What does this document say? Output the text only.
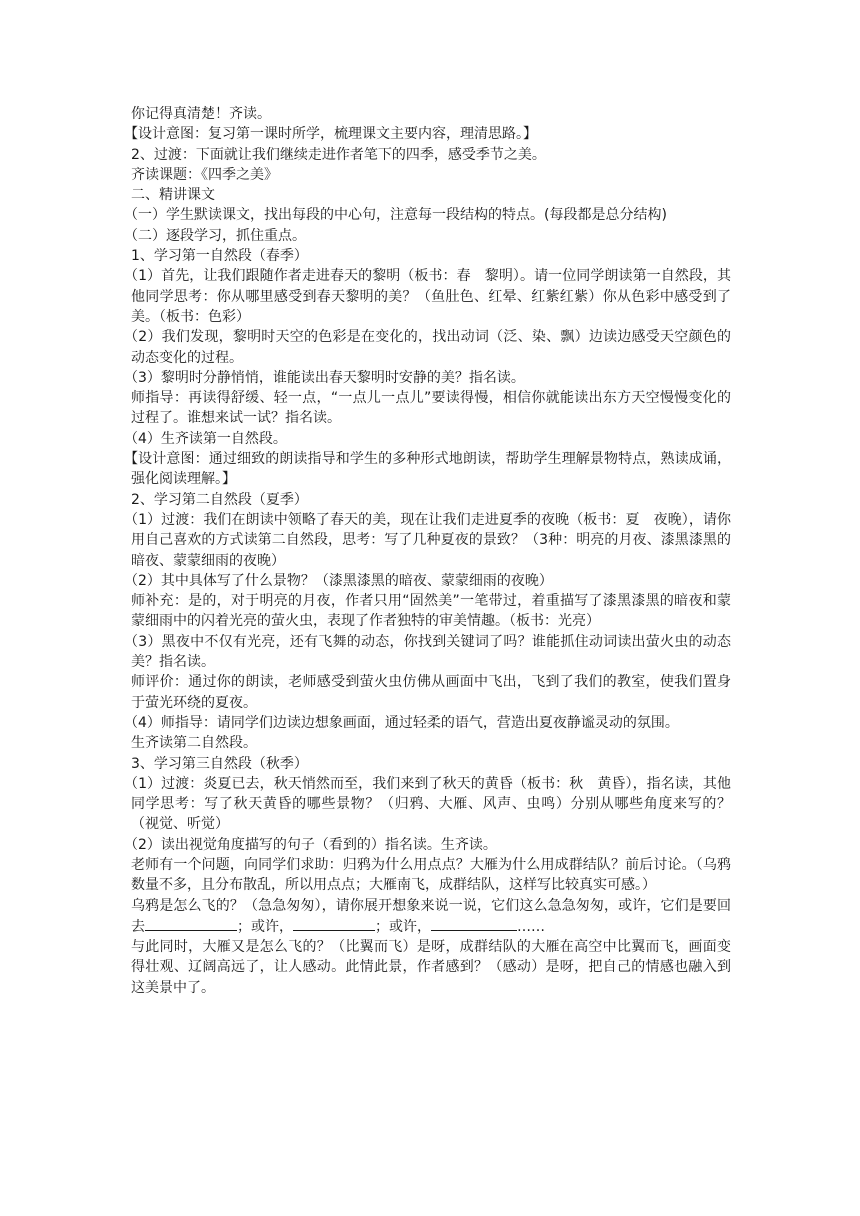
你记得真清楚！齐读。

【设计意图：复习第一课时所学，梳理课文主要内容，理清思路。】

2、过渡：下面就让我们继续走进作者笔下的四季，感受季节之美。

齐读课题：《四季之美》

二、精讲课文

（一）学生默读课文，找出每段的中心句，注意每一段结构的特点。(每段都是总分结构)

（二）逐段学习，抓住重点。

1、学习第一自然段（春季）

（1）首先，让我们跟随作者走进春天的黎明（板书：春　黎明）。请一位同学朗读第一自然段，其他同学思考：你从哪里感受到春天黎明的美？（鱼肚色、红晕、红紫红紫）你从色彩中感受到了美。（板书：色彩）

（2）我们发现，黎明时天空的色彩是在变化的，找出动词（泛、染、飘）边读边感受天空颜色的动态变化的过程。

（3）黎明时分静悄悄，谁能读出春天黎明时安静的美？指名读。

师指导：再读得舒缓、轻一点，“一点儿一点儿”要读得慢，相信你就能读出东方天空慢慢变化的过程了。谁想来试一试？指名读。

（4）生齐读第一自然段。

【设计意图：通过细致的朗读指导和学生的多种形式地朗读，帮助学生理解景物特点，熟读成诵，强化阅读理解。】

2、学习第二自然段（夏季）

（1）过渡：我们在朗读中领略了春天的美，现在让我们走进夏季的夜晚（板书：夏　夜晚），请你用自己喜欢的方式读第二自然段，思考：写了几种夏夜的景致？（3种：明亮的月夜、漆黑漆黑的暗夜、蒙蒙细雨的夜晚）

（2）其中具体写了什么景物？（漆黑漆黑的暗夜、蒙蒙细雨的夜晚）

师补充：是的，对于明亮的月夜，作者只用“固然美”一笔带过，着重描写了漆黑漆黑的暗夜和蒙蒙细雨中的闪着光亮的萤火虫，表现了作者独特的审美情趣。（板书：光亮）

（3）黑夜中不仅有光亮，还有飞舞的动态，你找到关键词了吗？谁能抓住动词读出萤火虫的动态美？指名读。

师评价：通过你的朗读，老师感受到萤火虫仿佛从画面中飞出，飞到了我们的教室，使我们置身于萤光环绕的夏夜。

（4）师指导：请同学们边读边想象画面，通过轻柔的语气，营造出夏夜静谧灵动的氛围。

生齐读第二自然段。

3、学习第三自然段（秋季）

（1）过渡：炎夏已去，秋天悄然而至，我们来到了秋天的黄昏（板书：秋　黄昏），指名读，其他同学思考：写了秋天黄昏的哪些景物？（归鸦、大雁、风声、虫鸣）分别从哪些角度来写的？（视觉、听觉）

（2）读出视觉角度描写的句子（看到的）指名读。生齐读。

老师有一个问题，向同学们求助：归鸦为什么用点点？大雁为什么用成群结队？前后讨论。（乌鸦数量不多，且分布散乱，所以用点点；大雁南飞，成群结队，这样写比较真实可感。）

乌鸦是怎么飞的？（急急匆匆），请你展开想象来说一说，它们这么急急匆匆，或许，它们是要回去	；或许，	；或许，	……

与此同时，大雁又是怎么飞的？（比翼而飞）是呀，成群结队的大雁在高空中比翼而飞，画面变得壮观、辽阔高远了，让人感动。此情此景，作者感到？（感动）是呀，把自己的情感也融入到这美景中了。
